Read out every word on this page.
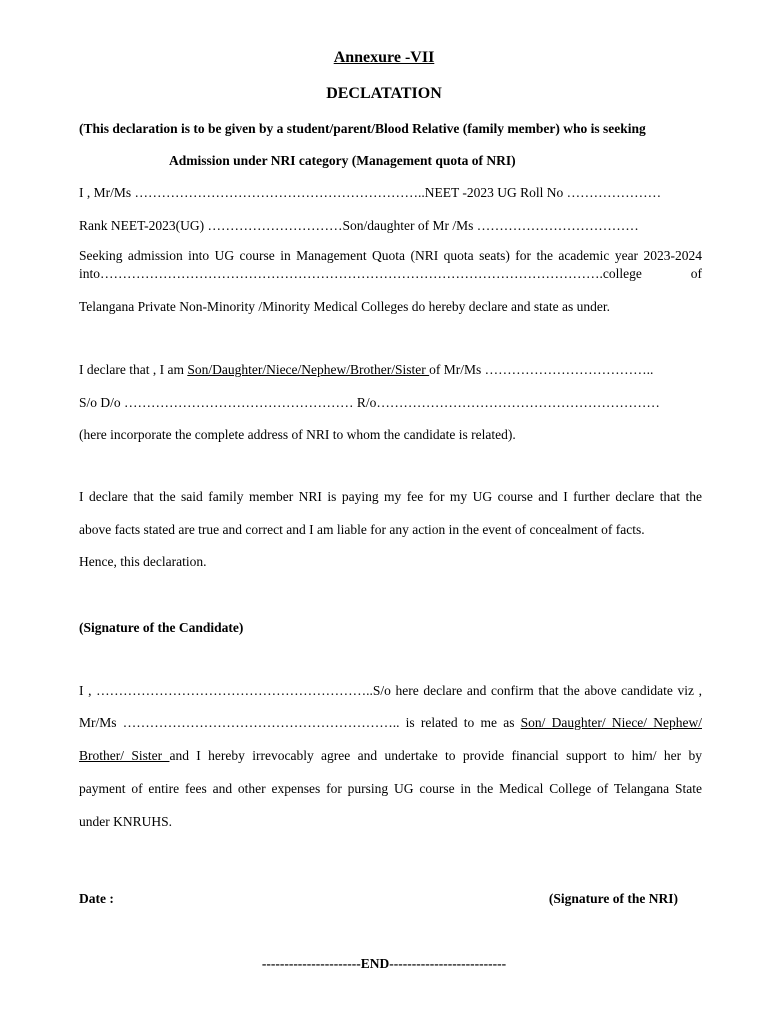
Annexure -VII
DECLATATION
(This declaration is to be given by a student/parent/Blood Relative (family member) who is seeking
Admission under NRI category (Management quota of NRI)
I , Mr/Ms ………………………………………………………..NEET -2023 UG Roll No …………………
Rank NEET-2023(UG) …………………………Son/daughter of Mr /Ms ………………………………
Seeking admission into UG course in Management Quota (NRI quota seats) for the academic year 2023-2024
into………………………………………………………………………………………………….college of
Telangana Private Non-Minority /Minority Medical Colleges do hereby declare and state as under.
I declare that , I am Son/Daughter/Niece/Nephew/Brother/Sister of Mr/Ms ………………………………..
S/o D/o …………………………………………… R/o………………………………………………………
(here incorporate the complete address of NRI to whom the candidate is related).
I declare that the said family member NRI is paying my fee for my UG course and I further declare that the
above facts stated are true and correct and I am liable for any action in the event of concealment of facts.
Hence, this declaration.
(Signature of the Candidate)
I , ……………………………………………………..S/o here declare and confirm that the above candidate viz ,
Mr/Ms …………………………………………………….. is related to me as Son/ Daughter/ Niece/ Nephew/
Brother/ Sister and I hereby irrevocably agree and undertake to provide financial support to him/ her by
payment of entire fees and other expenses for pursing UG course in the Medical College of Telangana State
under KNRUHS.
Date :	(Signature of the NRI)
----------------------END--------------------------
